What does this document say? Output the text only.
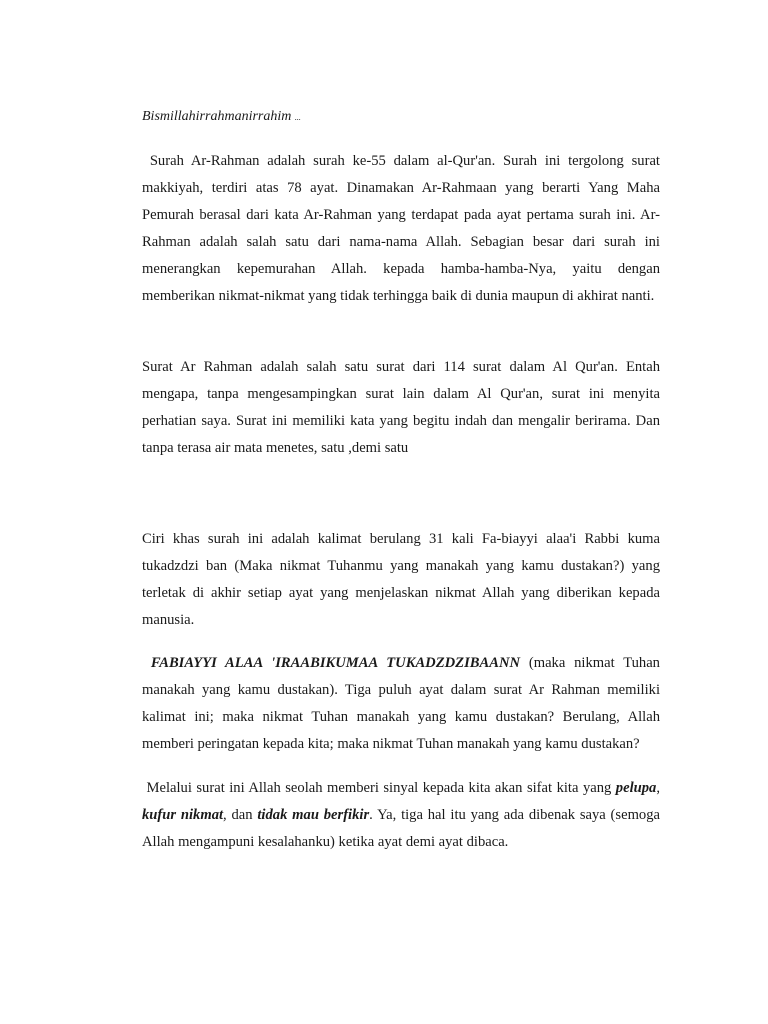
Bismillahirrahmanirrahim ...

Surah Ar-Rahman adalah surah ke-55 dalam al-Qur'an. Surah ini tergolong surat makkiyah, terdiri atas 78 ayat. Dinamakan Ar-Rahmaan yang berarti Yang Maha Pemurah berasal dari kata Ar-Rahman yang terdapat pada ayat pertama surah ini. Ar-Rahman adalah salah satu dari nama-nama Allah. Sebagian besar dari surah ini menerangkan kepemurahan Allah. kepada hamba-hamba-Nya, yaitu dengan memberikan nikmat-nikmat yang tidak terhingga baik di dunia maupun di akhirat nanti.

Surat Ar Rahman adalah salah satu surat dari 114 surat dalam Al Qur'an. Entah mengapa, tanpa mengesampingkan surat lain dalam Al Qur'an, surat ini menyita perhatian saya. Surat ini memiliki kata yang begitu indah dan mengalir berirama. Dan tanpa terasa air mata menetes, satu ,demi satu

Ciri khas surah ini adalah kalimat berulang 31 kali Fa-biayyi alaa'i Rabbi kuma tukadzdzi ban (Maka nikmat Tuhanmu yang manakah yang kamu dustakan?) yang terletak di akhir setiap ayat yang menjelaskan nikmat Allah yang diberikan kepada manusia.

FABIAYYI ALAA 'IRAABIKUMAA TUKADZDZIBAANN (maka nikmat Tuhan manakah yang kamu dustakan). Tiga puluh ayat dalam surat Ar Rahman memiliki kalimat ini; maka nikmat Tuhan manakah yang kamu dustakan? Berulang, Allah memberi peringatan kepada kita; maka nikmat Tuhan manakah yang kamu dustakan?

Melalui surat ini Allah seolah memberi sinyal kepada kita akan sifat kita yang pelupa, kufur nikmat, dan tidak mau berfikir. Ya, tiga hal itu yang ada dibenak saya (semoga Allah mengampuni kesalahanku) ketika ayat demi ayat dibaca.
